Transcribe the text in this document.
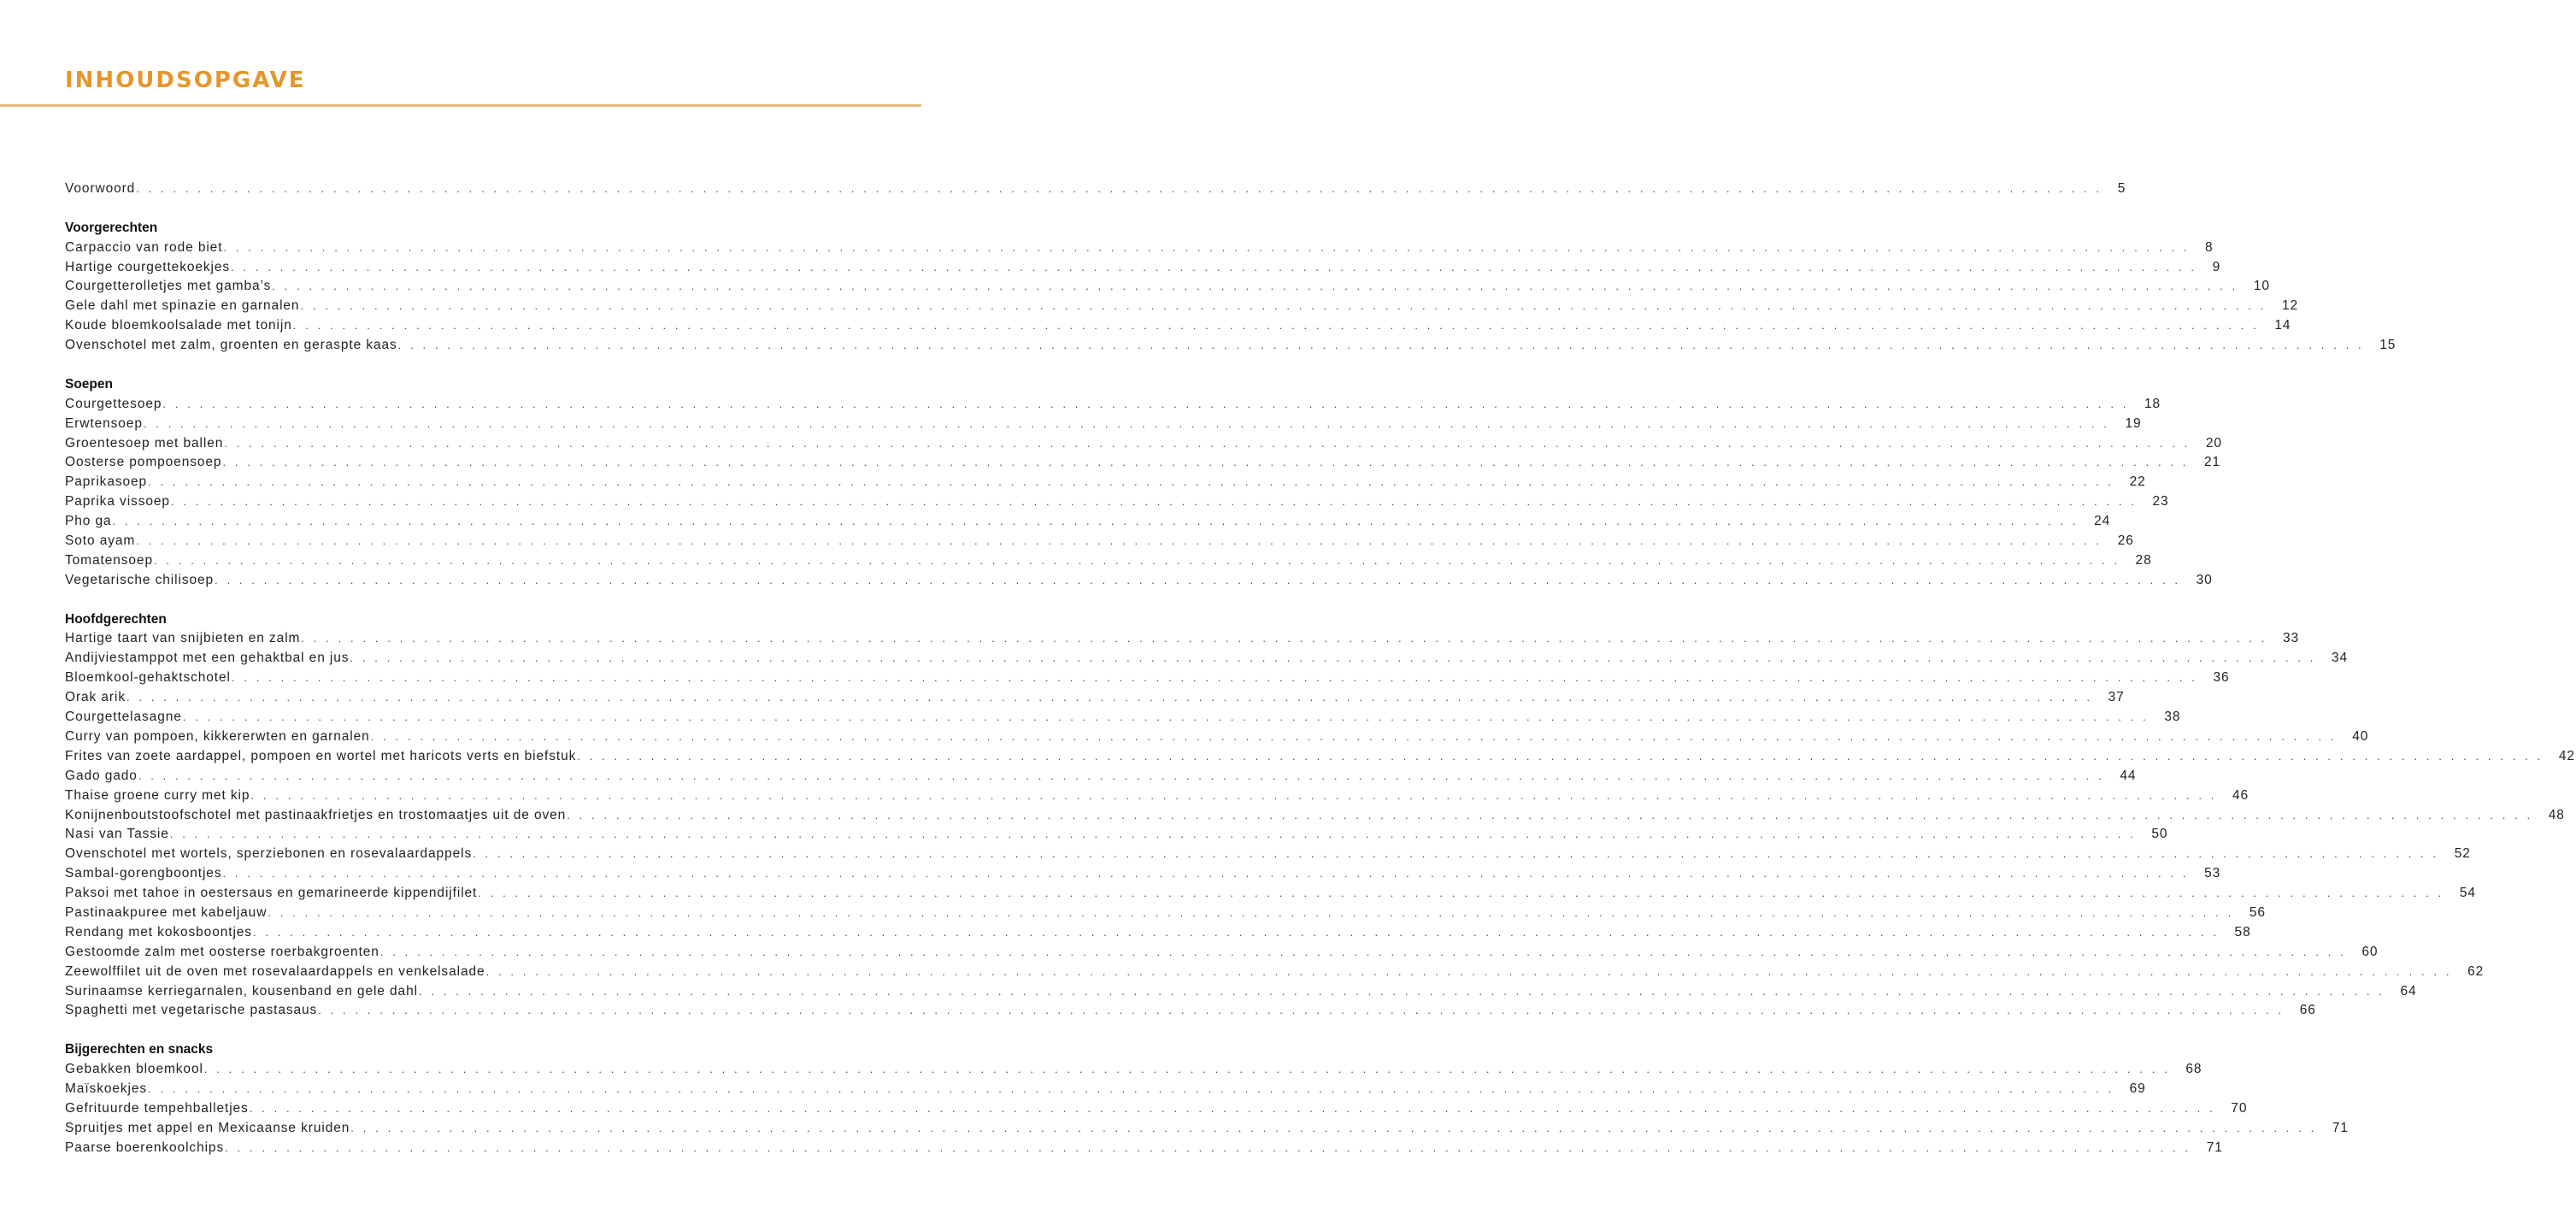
INHOUDSOPGAVE
Voorwoord . . . . . . . . . . . . . . . . . . . . . . . . . . . . . . . . . . . . . . . . . . . . . . . . . . . . . . . . . . . . . . . . . . . . . . . . . . . . . . . . . . . . . . . . . . . . . . . . . . . . . . . . . . . . . . . . . . . . . . . . . . . . . . . . . . . . . . . . . . . . . . . . . . . . . . . . . . . . . . . . 5
Voorgerechten
Carpaccio van rode biet . . . . . . . . . . . . . . . . . . . . . . . . . . . . . . . . . . . . . . . . . . . . . . . . . . . . . . . . . . . . . . . . . . . . . . . . . . . . . . . . . . . . . . . . . . . . . . . . . . . . . . . . . . . . . . . . . . . . . . . . . . . . . . . . . . . . . . . . . . . . . . . . . . . . . . . . . . . . . . . . 8
Hartige courgettekoekjes . . . . . . . . . . . . . . . . . . . . . . . . . . . . . . . . . . . . . . . . . . . . . . . . . . . . . . . . . . . . . . . . . . . . . . . . . . . . . . . . . . . . . . . . . . . . . . . . . . . . . . . . . . . . . . . . . . . . . . . . . . . . . . . . . . . . . . . . . . . . . . . . . . . . . . . . . . . . . . . . 9
Courgetterolletjes met gamba’s . . . . . . . . . . . . . . . . . . . . . . . . . . . . . . . . . . . . . . . . . . . . . . . . . . . . . . . . . . . . . . . . . . . . . . . . . . . . . . . . . . . . . . . . . . . . . . . . . . . . . . . . . . . . . . . . . . . . . . . . . . . . . . . . . . . . . . . . . . . . . . . . . . . . . . . . . . . . . . . . 10
Gele dahl met spinazie en garnalen . . . . . . . . . . . . . . . . . . . . . . . . . . . . . . . . . . . . . . . . . . . . . . . . . . . . . . . . . . . . . . . . . . . . . . . . . . . . . . . . . . . . . . . . . . . . . . . . . . . . . . . . . . . . . . . . . . . . . . . . . . . . . . . . . . . . . . . . . . . . . . . . . . . . . . . . . . . . . . . . 12
Koude bloemkoolsalade met tonijn . . . . . . . . . . . . . . . . . . . . . . . . . . . . . . . . . . . . . . . . . . . . . . . . . . . . . . . . . . . . . . . . . . . . . . . . . . . . . . . . . . . . . . . . . . . . . . . . . . . . . . . . . . . . . . . . . . . . . . . . . . . . . . . . . . . . . . . . . . . . . . . . . . . . . . . . . . . . . . . . 14
Ovenschotel met zalm, groenten en geraspte kaas . . . . . . . . . . . . . . . . . . . . . . . . . . . . . . . . . . . . . . . . . . . . . . . . . . . . . . . . . . . . . . . . . . . . . . . . . . . . . . . . . . . . . . . . . . . . . . . . . . . . . . . . . . . . . . . . . . . . . . . . . . . . . . . . . . . . . . . . . . . . . . . . . . . . . . . . . . . . . . . . 15
Soepen
Courgettesoep . . . . . . . . . . . . . . . . . . . . . . . . . . . . . . . . . . . . . . . . . . . . . . . . . . . . . . . . . . . . . . . . . . . . . . . . . . . . . . . . . . . . . . . . . . . . . . . . . . . . . . . . . . . . . . . . . . . . . . . . . . . . . . . . . . . . . . . . . . . . . . . . . . . . . . . . . . . . . . . . 18
Erwtensoep . . . . . . . . . . . . . . . . . . . . . . . . . . . . . . . . . . . . . . . . . . . . . . . . . . . . . . . . . . . . . . . . . . . . . . . . . . . . . . . . . . . . . . . . . . . . . . . . . . . . . . . . . . . . . . . . . . . . . . . . . . . . . . . . . . . . . . . . . . . . . . . . . . . . . . . . . . . . . . . . 19
Groentesoep met ballen . . . . . . . . . . . . . . . . . . . . . . . . . . . . . . . . . . . . . . . . . . . . . . . . . . . . . . . . . . . . . . . . . . . . . . . . . . . . . . . . . . . . . . . . . . . . . . . . . . . . . . . . . . . . . . . . . . . . . . . . . . . . . . . . . . . . . . . . . . . . . . . . . . . . . . . . . . . . . . . . 20
Oosterse pompoensoep . . . . . . . . . . . . . . . . . . . . . . . . . . . . . . . . . . . . . . . . . . . . . . . . . . . . . . . . . . . . . . . . . . . . . . . . . . . . . . . . . . . . . . . . . . . . . . . . . . . . . . . . . . . . . . . . . . . . . . . . . . . . . . . . . . . . . . . . . . . . . . . . . . . . . . . . . . . . . . . . 21
Paprikasoep . . . . . . . . . . . . . . . . . . . . . . . . . . . . . . . . . . . . . . . . . . . . . . . . . . . . . . . . . . . . . . . . . . . . . . . . . . . . . . . . . . . . . . . . . . . . . . . . . . . . . . . . . . . . . . . . . . . . . . . . . . . . . . . . . . . . . . . . . . . . . . . . . . . . . . . . . . . . . . . . 22
Paprika vissoep . . . . . . . . . . . . . . . . . . . . . . . . . . . . . . . . . . . . . . . . . . . . . . . . . . . . . . . . . . . . . . . . . . . . . . . . . . . . . . . . . . . . . . . . . . . . . . . . . . . . . . . . . . . . . . . . . . . . . . . . . . . . . . . . . . . . . . . . . . . . . . . . . . . . . . . . . . . . . . . . 23
Pho ga . . . . . . . . . . . . . . . . . . . . . . . . . . . . . . . . . . . . . . . . . . . . . . . . . . . . . . . . . . . . . . . . . . . . . . . . . . . . . . . . . . . . . . . . . . . . . . . . . . . . . . . . . . . . . . . . . . . . . . . . . . . . . . . . . . . . . . . . . . . . . . . . . . . . . . . . . . . . . . . . 24
Soto ayam . . . . . . . . . . . . . . . . . . . . . . . . . . . . . . . . . . . . . . . . . . . . . . . . . . . . . . . . . . . . . . . . . . . . . . . . . . . . . . . . . . . . . . . . . . . . . . . . . . . . . . . . . . . . . . . . . . . . . . . . . . . . . . . . . . . . . . . . . . . . . . . . . . . . . . . . . . . . . . . . 26
Tomatensoep . . . . . . . . . . . . . . . . . . . . . . . . . . . . . . . . . . . . . . . . . . . . . . . . . . . . . . . . . . . . . . . . . . . . . . . . . . . . . . . . . . . . . . . . . . . . . . . . . . . . . . . . . . . . . . . . . . . . . . . . . . . . . . . . . . . . . . . . . . . . . . . . . . . . . . . . . . . . . . . . 28
Vegetarische chilisoep . . . . . . . . . . . . . . . . . . . . . . . . . . . . . . . . . . . . . . . . . . . . . . . . . . . . . . . . . . . . . . . . . . . . . . . . . . . . . . . . . . . . . . . . . . . . . . . . . . . . . . . . . . . . . . . . . . . . . . . . . . . . . . . . . . . . . . . . . . . . . . . . . . . . . . . . . . . . . . . . 30
Hoofdgerechten
Hartige taart van snijbieten en zalm . . . . . . . . . . . . . . . . . . . . . . . . . . . . . . . . . . . . . . . . . . . . . . . . . . . . . . . . . . . . . . . . . . . . . . . . . . . . . . . . . . . . . . . . . . . . . . . . . . . . . . . . . . . . . . . . . . . . . . . . . . . . . . . . . . . . . . . . . . . . . . . . . . . . . . . . . . . . . . . . 33
Andijviestamppot met een gehaktbal en jus . . . . . . . . . . . . . . . . . . . . . . . . . . . . . . . . . . . . . . . . . . . . . . . . . . . . . . . . . . . . . . . . . . . . . . . . . . . . . . . . . . . . . . . . . . . . . . . . . . . . . . . . . . . . . . . . . . . . . . . . . . . . . . . . . . . . . . . . . . . . . . . . . . . . . . . . . . . . . . . . 34
Bloemkool-gehaktschotel . . . . . . . . . . . . . . . . . . . . . . . . . . . . . . . . . . . . . . . . . . . . . . . . . . . . . . . . . . . . . . . . . . . . . . . . . . . . . . . . . . . . . . . . . . . . . . . . . . . . . . . . . . . . . . . . . . . . . . . . . . . . . . . . . . . . . . . . . . . . . . . . . . . . . . . . . . . . . . . . 36
Orak arik . . . . . . . . . . . . . . . . . . . . . . . . . . . . . . . . . . . . . . . . . . . . . . . . . . . . . . . . . . . . . . . . . . . . . . . . . . . . . . . . . . . . . . . . . . . . . . . . . . . . . . . . . . . . . . . . . . . . . . . . . . . . . . . . . . . . . . . . . . . . . . . . . . . . . . . . . . . . . . . . 37
Courgettelasagne . . . . . . . . . . . . . . . . . . . . . . . . . . . . . . . . . . . . . . . . . . . . . . . . . . . . . . . . . . . . . . . . . . . . . . . . . . . . . . . . . . . . . . . . . . . . . . . . . . . . . . . . . . . . . . . . . . . . . . . . . . . . . . . . . . . . . . . . . . . . . . . . . . . . . . . . . . . . . . . . 38
Curry van pompoen, kikkererwten en garnalen . . . . . . . . . . . . . . . . . . . . . . . . . . . . . . . . . . . . . . . . . . . . . . . . . . . . . . . . . . . . . . . . . . . . . . . . . . . . . . . . . . . . . . . . . . . . . . . . . . . . . . . . . . . . . . . . . . . . . . . . . . . . . . . . . . . . . . . . . . . . . . . . . . . . . . . . . . . . . . . . 40
Frites van zoete aardappel, pompoen en wortel met haricots verts en biefstuk . . . . . . . . . . . . . . . . . . . . . . . . . . . . . . . . . . . . . . . . . . . . . . . . . . . . . . . . . . . . . . . . . . . . . . . . . . . . . . . . . . . . . . . . . . . . . . . . . . . . . . . . . . . . . . . . . . . . . . . . . . . . . . . . . . . . . . . . . . . . . . . . . . . . . . . . . . . . . . . . 42
Gado gado . . . . . . . . . . . . . . . . . . . . . . . . . . . . . . . . . . . . . . . . . . . . . . . . . . . . . . . . . . . . . . . . . . . . . . . . . . . . . . . . . . . . . . . . . . . . . . . . . . . . . . . . . . . . . . . . . . . . . . . . . . . . . . . . . . . . . . . . . . . . . . . . . . . . . . . . . . . . . . . . 44
Thaise groene curry met kip . . . . . . . . . . . . . . . . . . . . . . . . . . . . . . . . . . . . . . . . . . . . . . . . . . . . . . . . . . . . . . . . . . . . . . . . . . . . . . . . . . . . . . . . . . . . . . . . . . . . . . . . . . . . . . . . . . . . . . . . . . . . . . . . . . . . . . . . . . . . . . . . . . . . . . . . . . . . . . . . 46
Konijnenboutstoofschotel met pastinaakfrietjes en trostomaatjes uit de oven . . . . . . . . . . . . . . . . . . . . . . . . . . . . . . . . . . . . . . . . . . . . . . . . . . . . . . . . . . . . . . . . . . . . . . . . . . . . . . . . . . . . . . . . . . . . . . . . . . . . . . . . . . . . . . . . . . . . . . . . . . . . . . . . . . . . . . . . . . . . . . . . . . . . . . . . . . . . . . . . 48
Nasi van Tassie . . . . . . . . . . . . . . . . . . . . . . . . . . . . . . . . . . . . . . . . . . . . . . . . . . . . . . . . . . . . . . . . . . . . . . . . . . . . . . . . . . . . . . . . . . . . . . . . . . . . . . . . . . . . . . . . . . . . . . . . . . . . . . . . . . . . . . . . . . . . . . . . . . . . . . . . . . . . . . . . 50
Ovenschotel met wortels, sperziebonen en rosevalaardappels . . . . . . . . . . . . . . . . . . . . . . . . . . . . . . . . . . . . . . . . . . . . . . . . . . . . . . . . . . . . . . . . . . . . . . . . . . . . . . . . . . . . . . . . . . . . . . . . . . . . . . . . . . . . . . . . . . . . . . . . . . . . . . . . . . . . . . . . . . . . . . . . . . . . . . . . . . . . . . . . 52
Sambal-gorengboontjes . . . . . . . . . . . . . . . . . . . . . . . . . . . . . . . . . . . . . . . . . . . . . . . . . . . . . . . . . . . . . . . . . . . . . . . . . . . . . . . . . . . . . . . . . . . . . . . . . . . . . . . . . . . . . . . . . . . . . . . . . . . . . . . . . . . . . . . . . . . . . . . . . . . . . . . . . . . . . . . . 53
Paksoi met tahoe in oestersaus en gemarineerde kippendijfilet . . . . . . . . . . . . . . . . . . . . . . . . . . . . . . . . . . . . . . . . . . . . . . . . . . . . . . . . . . . . . . . . . . . . . . . . . . . . . . . . . . . . . . . . . . . . . . . . . . . . . . . . . . . . . . . . . . . . . . . . . . . . . . . . . . . . . . . . . . . . . . . . . . . . . . . . . . . . . . . . 54
Pastinaakpuree met kabeljauw . . . . . . . . . . . . . . . . . . . . . . . . . . . . . . . . . . . . . . . . . . . . . . . . . . . . . . . . . . . . . . . . . . . . . . . . . . . . . . . . . . . . . . . . . . . . . . . . . . . . . . . . . . . . . . . . . . . . . . . . . . . . . . . . . . . . . . . . . . . . . . . . . . . . . . . . . . . . . . . . 56
Rendang met kokosboontjes . . . . . . . . . . . . . . . . . . . . . . . . . . . . . . . . . . . . . . . . . . . . . . . . . . . . . . . . . . . . . . . . . . . . . . . . . . . . . . . . . . . . . . . . . . . . . . . . . . . . . . . . . . . . . . . . . . . . . . . . . . . . . . . . . . . . . . . . . . . . . . . . . . . . . . . . . . . . . . . . 58
Gestoomde zalm met oosterse roerbakgroenten . . . . . . . . . . . . . . . . . . . . . . . . . . . . . . . . . . . . . . . . . . . . . . . . . . . . . . . . . . . . . . . . . . . . . . . . . . . . . . . . . . . . . . . . . . . . . . . . . . . . . . . . . . . . . . . . . . . . . . . . . . . . . . . . . . . . . . . . . . . . . . . . . . . . . . . . . . . . . . . . 60
Zeewolffilet uit de oven met rosevalaardappels en venkelsalade . . . . . . . . . . . . . . . . . . . . . . . . . . . . . . . . . . . . . . . . . . . . . . . . . . . . . . . . . . . . . . . . . . . . . . . . . . . . . . . . . . . . . . . . . . . . . . . . . . . . . . . . . . . . . . . . . . . . . . . . . . . . . . . . . . . . . . . . . . . . . . . . . . . . . . . . . . . . . . . . 62
Surinaamse kerriegarnalen, kousenband en gele dahl . . . . . . . . . . . . . . . . . . . . . . . . . . . . . . . . . . . . . . . . . . . . . . . . . . . . . . . . . . . . . . . . . . . . . . . . . . . . . . . . . . . . . . . . . . . . . . . . . . . . . . . . . . . . . . . . . . . . . . . . . . . . . . . . . . . . . . . . . . . . . . . . . . . . . . . . . . . . . . . . 64
Spaghetti met vegetarische pastasaus . . . . . . . . . . . . . . . . . . . . . . . . . . . . . . . . . . . . . . . . . . . . . . . . . . . . . . . . . . . . . . . . . . . . . . . . . . . . . . . . . . . . . . . . . . . . . . . . . . . . . . . . . . . . . . . . . . . . . . . . . . . . . . . . . . . . . . . . . . . . . . . . . . . . . . . . . . . . . . . . 66
Bijgerechten en snacks
Gebakken bloemkool . . . . . . . . . . . . . . . . . . . . . . . . . . . . . . . . . . . . . . . . . . . . . . . . . . . . . . . . . . . . . . . . . . . . . . . . . . . . . . . . . . . . . . . . . . . . . . . . . . . . . . . . . . . . . . . . . . . . . . . . . . . . . . . . . . . . . . . . . . . . . . . . . . . . . . . . . . . . . . . . 68
Maïskoekjes . . . . . . . . . . . . . . . . . . . . . . . . . . . . . . . . . . . . . . . . . . . . . . . . . . . . . . . . . . . . . . . . . . . . . . . . . . . . . . . . . . . . . . . . . . . . . . . . . . . . . . . . . . . . . . . . . . . . . . . . . . . . . . . . . . . . . . . . . . . . . . . . . . . . . . . . . . . . . . . . 69
Gefrituurde tempehballetjes . . . . . . . . . . . . . . . . . . . . . . . . . . . . . . . . . . . . . . . . . . . . . . . . . . . . . . . . . . . . . . . . . . . . . . . . . . . . . . . . . . . . . . . . . . . . . . . . . . . . . . . . . . . . . . . . . . . . . . . . . . . . . . . . . . . . . . . . . . . . . . . . . . . . . . . . . . . . . . . . 70
Spruitjes met appel en Mexicaanse kruiden . . . . . . . . . . . . . . . . . . . . . . . . . . . . . . . . . . . . . . . . . . . . . . . . . . . . . . . . . . . . . . . . . . . . . . . . . . . . . . . . . . . . . . . . . . . . . . . . . . . . . . . . . . . . . . . . . . . . . . . . . . . . . . . . . . . . . . . . . . . . . . . . . . . . . . . . . . . . . . . . 71
Paarse boerenkoolchips . . . . . . . . . . . . . . . . . . . . . . . . . . . . . . . . . . . . . . . . . . . . . . . . . . . . . . . . . . . . . . . . . . . . . . . . . . . . . . . . . . . . . . . . . . . . . . . . . . . . . . . . . . . . . . . . . . . . . . . . . . . . . . . . . . . . . . . . . . . . . . . . . . . . . . . . . . . . . . . . 71
